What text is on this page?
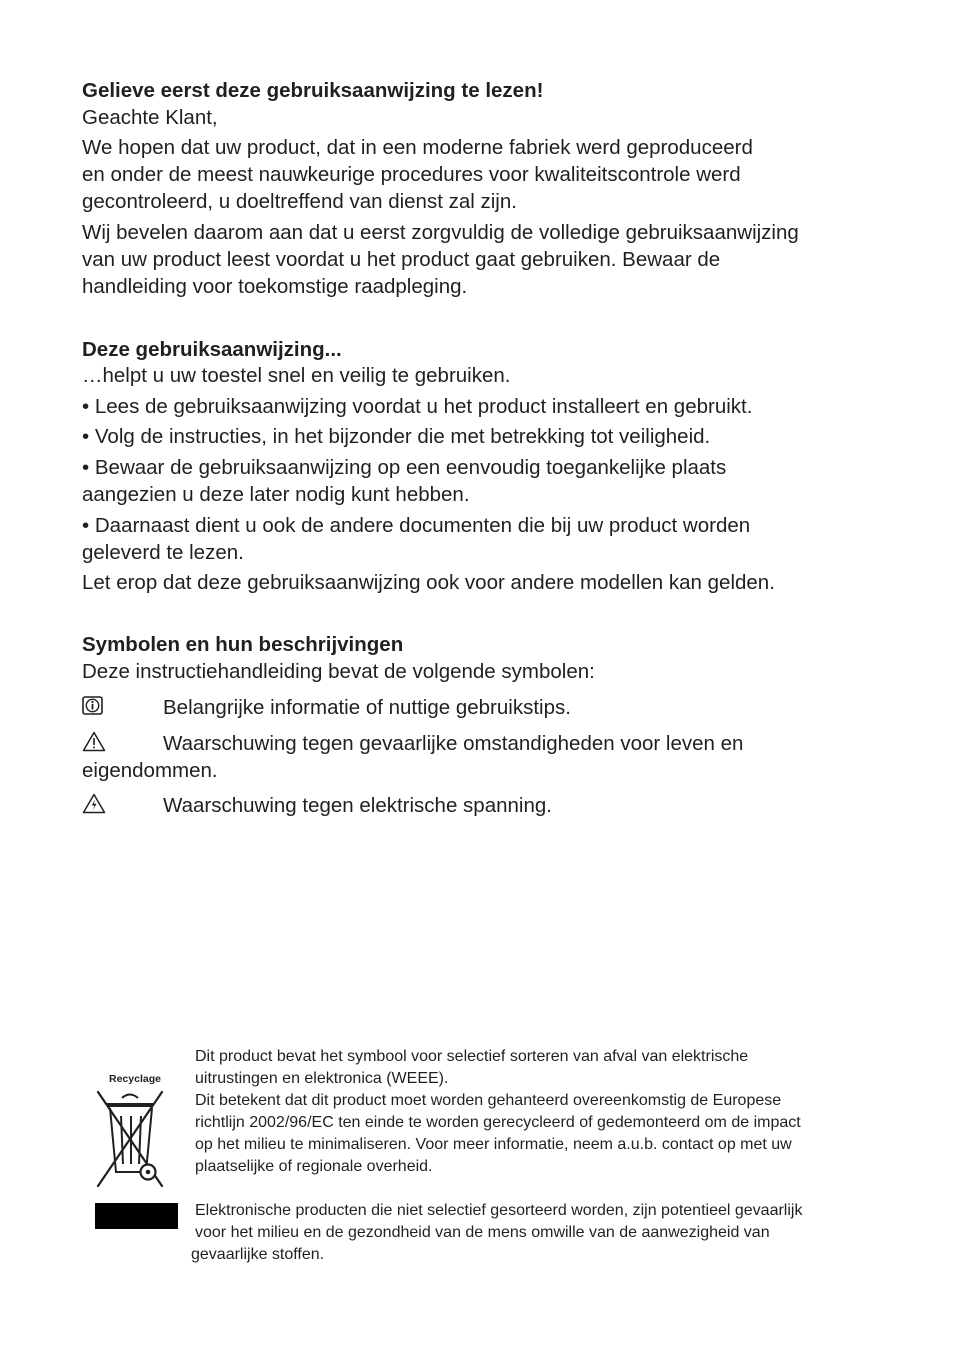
Gelieve eerst deze gebruiksaanwijzing te lezen!

Geachte Klant,

We hopen dat uw product, dat in een moderne fabriek werd geproduceerd

en onder de meest nauwkeurige procedures voor kwaliteitscontrole werd

gecontroleerd, u doeltreffend van dienst zal zijn.

Wij bevelen daarom aan dat u eerst zorgvuldig de volledige gebruiksaanwijzing

van uw product leest voordat u het product gaat gebruiken. Bewaar de

handleiding voor toekomstige raadpleging.

Deze gebruiksaanwijzing...

…helpt u uw toestel snel en veilig te gebruiken.

• Lees de gebruiksaanwijzing voordat u het product installeert en gebruikt.

• Volg de instructies, in het bijzonder die met betrekking tot veiligheid.

• Bewaar de gebruiksaanwijzing op een eenvoudig toegankelijke plaats

aangezien u deze later nodig kunt hebben.

• Daarnaast dient u ook de andere documenten die bij uw product worden

geleverd te lezen.

Let erop dat deze gebruiksaanwijzing ook voor andere modellen kan gelden.

Symbolen en hun beschrijvingen

Deze instructiehandleiding bevat de volgende symbolen:

Belangrijke informatie of nuttige gebruikstips.

Waarschuwing tegen gevaarlijke omstandigheden voor leven en

eigendommen.

Waarschuwing tegen elektrische spanning.

Recyclage

Dit product bevat het symbool voor selectief sorteren van afval van elektrische

uitrustingen en elektronica (WEEE).

Dit betekent dat dit product moet worden gehanteerd overeenkomstig de Europese

richtlijn 2002/96/EC ten einde te worden gerecycleerd of gedemonteerd om de impact

op het milieu te minimaliseren. Voor meer informatie, neem a.u.b. contact op met uw

plaatselijke of regionale overheid.

Elektronische producten die niet selectief gesorteerd worden, zijn potentieel gevaarlijk

voor het milieu en de gezondheid van de mens omwille van de aanwezigheid van

gevaarlijke stoffen.
